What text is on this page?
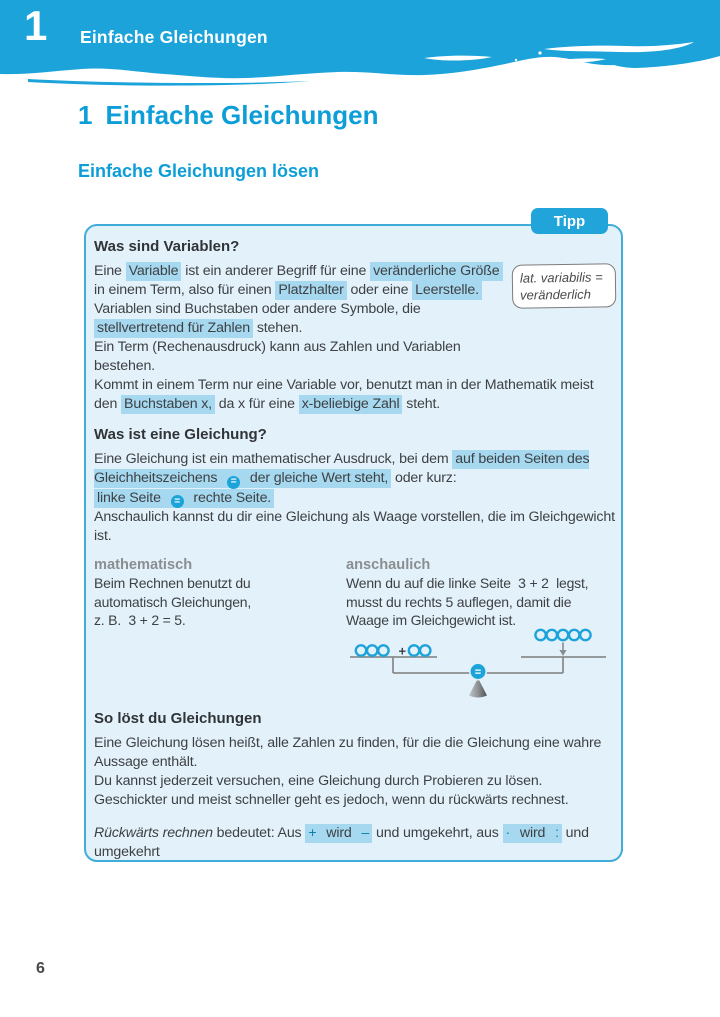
1 Einfache Gleichungen
1 Einfache Gleichungen
Einfache Gleichungen lösen
Tipp
lat. variabilis =
veränderlich
Was sind Variablen?

Eine Variable ist ein anderer Begriff für eine veränderliche Größe in einem Term, also für einen Platzhalter oder eine Leerstelle. Variablen sind Buchstaben oder andere Symbole, die stellvertretend für Zahlen stehen.
Ein Term (Rechenausdruck) kann aus Zahlen und Variablen bestehen.

Kommt in einem Term nur eine Variable vor, benutzt man in der Mathematik meist den Buchstaben x, da x für eine x-beliebige Zahl steht.

Was ist eine Gleichung?

Eine Gleichung ist ein mathematischer Ausdruck, bei dem auf beiden Seiten des Gleichheitszeichens = der gleiche Wert steht, oder kurz:
linke Seite = rechte Seite.
Anschaulich kannst du dir eine Gleichung als Waage vorstellen, die im Gleichgewicht ist.

mathematisch

Beim Rechnen benutzt du
automatisch Gleichungen,
z. B.  3 + 2 = 5.

anschaulich

Wenn du auf die linke Seite  3 + 2  legst,
musst du rechts 5 auflegen, damit die
Waage im Gleichgewicht ist.

+
=
So löst du Gleichungen

Eine Gleichung lösen heißt, alle Zahlen zu finden, für die die Gleichung eine wahre Aussage enthält.
Du kannst jederzeit versuchen, eine Gleichung durch Probieren zu lösen.
Geschickter und meist schneller geht es jedoch, wenn du rückwärts rechnest.

Rückwärts rechnen bedeutet: Aus + wird – und umgekehrt, aus · wird : und umgekehrt

6
